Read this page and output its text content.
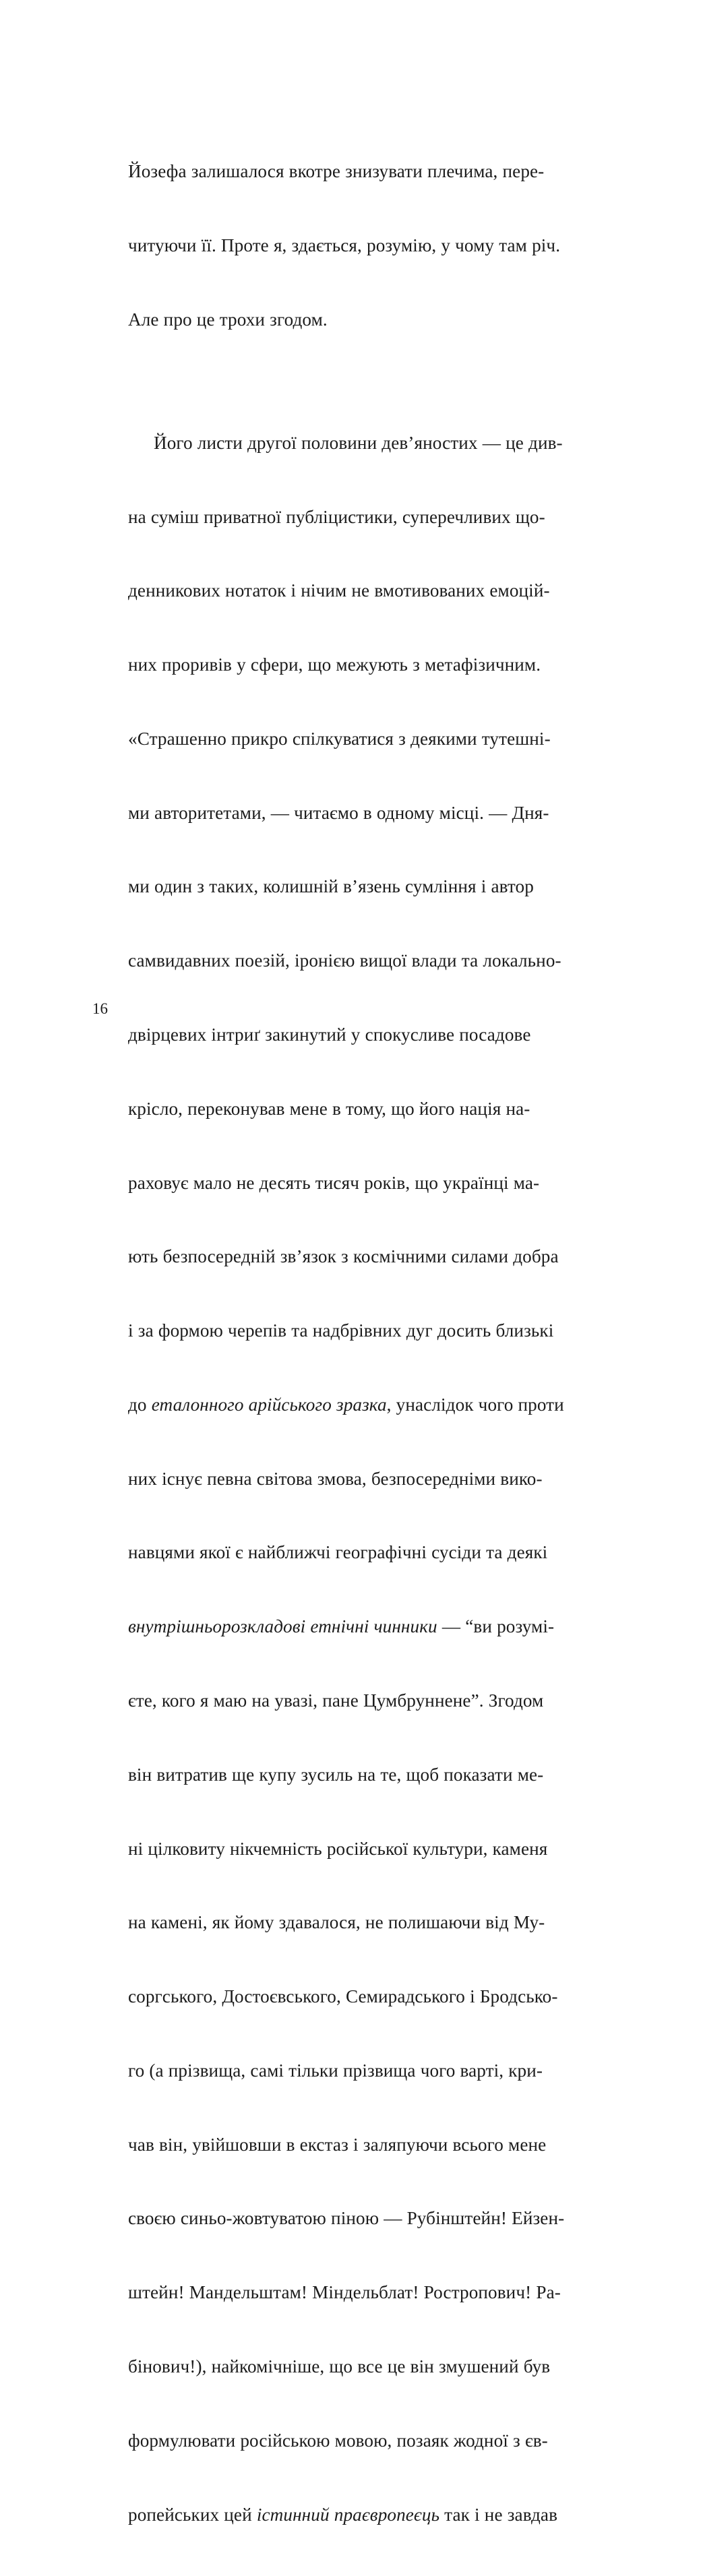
Йозефа залишалося вкотре знизувати плечима, пере-

читуючи її. Проте я, здається, розумію, у чому там річ.

Але про це трохи згодом.

Його листи другої половини дев’яностих — це див-

на суміш приватної публіцистики, суперечливих що-

денникових нотаток і нічим не вмотивованих емоцій-

них проривів у сфери, що межують з метафізичним.

«Страшенно прикро спілкуватися з деякими тутешні-

ми авторитетами, — читаємо в одному місці. — Дня-

ми один з таких, колишній в’язень сумління і автор

самвидавних поезій, іронією вищої влади та локально-

двірцевих інтриґ закинутий у спокусливе посадове

крісло, переконував мене в тому, що його нація на-

раховує мало не десять тисяч років, що українці ма-

ють безпосередній зв’язок з космічними силами добра

і за формою черепів та надбрівних дуг досить близькі

до еталонного арійського зразка, унаслідок чого проти

них існує певна світова змова, безпосередніми вико-

навцями якої є найближчі географічні сусіди та деякі

внутрішньорозкладові етнічні чинники — “ви розумі-

єте, кого я маю на увазі, пане Цумбруннене”. Згодом

він витратив ще купу зусиль на те, щоб показати ме-

ні цілковиту нікчемність російської культури, каменя

на камені, як йому здавалося, не полишаючи від Му-

соргського, Достоєвського, Семирадського і Бродсько-

го (а прізвища, самі тільки прізвища чого варті, кри-

чав він, увійшовши в екстаз і заляпуючи всього мене

своєю синьо-жовтуватою піною — Рубінштейн! Ейзен-

штейн! Мандельштам! Міндельблат! Ростропович! Ра-

бінович!), найкомічніше, що все це він змушений був

формулювати російською мовою, позаяк жодної з єв-

ропейських цей істинний праєвропеєць так і не завдав

16
